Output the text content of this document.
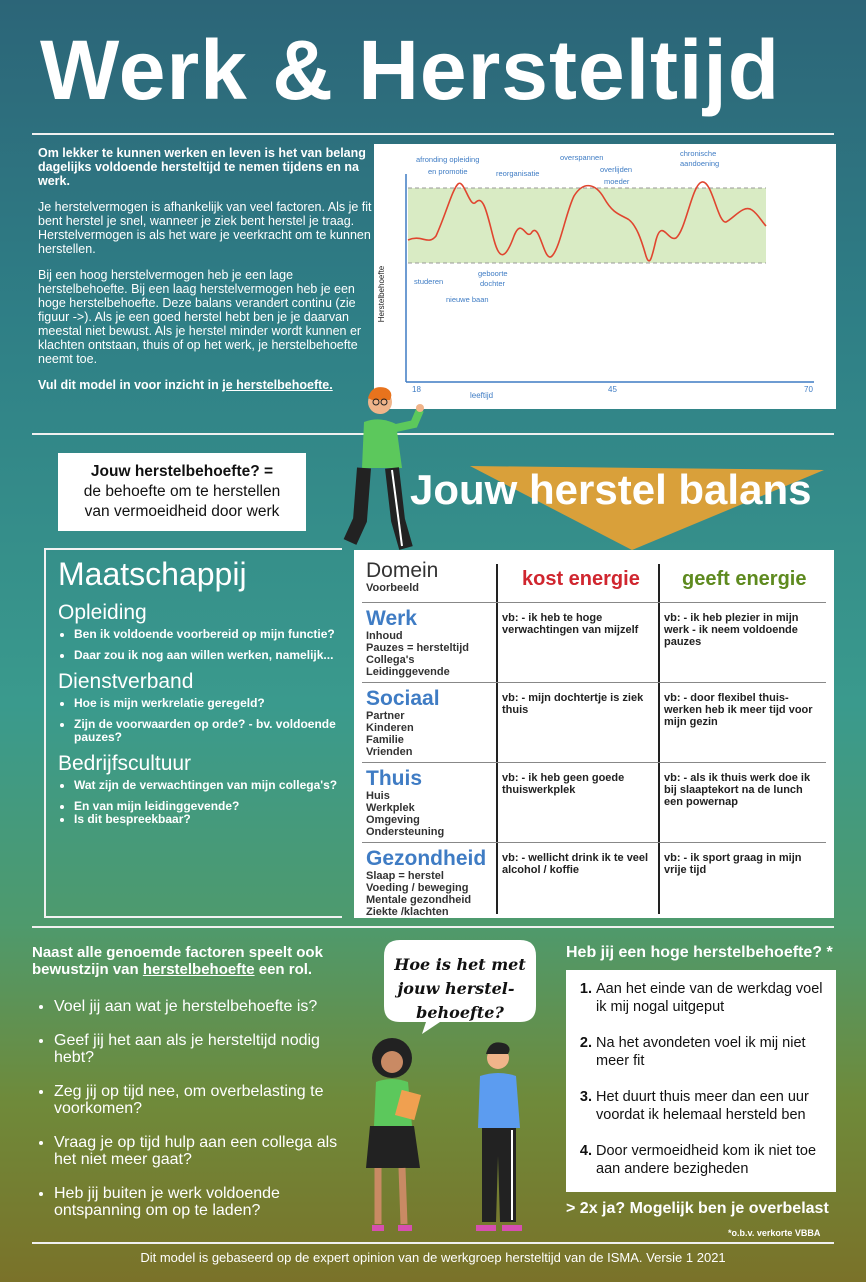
Werk & Hersteltijd

Om lekker te kunnen werken en leven is het van belang dagelijks voldoende hersteltijd te nemen tijdens en na werk.

Je herstelvermogen is afhankelijk van veel factoren. Als je fit bent herstel je snel, wanneer je ziek bent herstel je traag. Herstelvermogen is als het ware je veerkracht om te kunnen herstellen.

Bij een hoog herstelvermogen heb je een lage herstelbehoefte. Bij een laag herstelvermogen heb je een hoge herstelbehoefte. Deze balans verandert continu (zie figuur ->). Als je een goed herstel hebt ben je je daarvan meestal niet bewust. Als je herstel minder wordt kunnen er klachten ontstaan, thuis of op het werk, je herstelbehoefte neemt toe.

Vul dit model in voor inzicht in je herstelbehoefte.

Herstelbehoefte
leeftijd
18	45	70
afronding opleiding
en promotie	reorganisatie
overspannen
overlijden
moeder
chronische
aandoening
studeren
geboorte
dochter
nieuwe baan
Jouw herstelbehoefte? =
de behoefte om te herstellen
van vermoeidheid door werk	Jouw herstel balans
Maatschappij
Opleiding
• Ben ik voldoende voorbereid op mijn functie?
• Daar zou ik nog aan willen werken, namelijk...
Dienstverband
• Hoe is mijn werkrelatie geregeld?
• Zijn de voorwaarden op orde? - bv. voldoende pauzes?
Bedrijfscultuur
• Wat zijn de verwachtingen van mijn collega's?
• En van mijn leidinggevende?
• Is dit bespreekbaar?
Domein
Voorbeeld	kost energie geeft energie
Werk
Inhoud
Pauzes = hersteltijd
Collega's
Leidinggevende
vb: - ik heb te hoge verwachtingen van mijzelf
vb: - ik heb plezier in mijn werk - ik neem voldoende pauzes
Sociaal
Partner
Kinderen
Familie
Vrienden
vb: - mijn dochtertje is ziek thuis
vb: - door flexibel thuis-werken heb ik meer tijd voor mijn gezin
Thuis
Huis
Werkplek
Omgeving
Ondersteuning
vb: - ik heb geen goede thuiswerkplek
vb: - als ik thuis werk doe ik bij slaaptekort na de lunch een powernap
Gezondheid
Slaap = herstel
Voeding / beweging
Mentale gezondheid
Ziekte /klachten
vb: - wellicht drink ik te veel alcohol / koffie
vb: - ik sport graag in mijn vrije tijd
Naast alle genoemde factoren speelt ook bewustzijn van herstelbehoefte een rol.
• Voel jij aan wat je herstelbehoefte is?
• Geef jij het aan als je hersteltijd nodig hebt?
• Zeg jij op tijd nee, om overbelasting te voorkomen?
• Vraag je op tijd hulp aan een collega als het niet meer gaat?
• Heb jij buiten je werk voldoende ontspanning om op te laden?
Hoe is het met
jouw herstel-
behoefte?
Heb jij een hoge herstelbehoefte? *
1. Aan het einde van de werkdag voel ik mij nogal uitgeput
2. Na het avondeten voel ik mij niet meer fit
3. Het duurt thuis meer dan een uur voordat ik helemaal hersteld ben
4. Door vermoeidheid kom ik niet toe aan andere bezigheden
> 2x ja? Mogelijk ben je overbelast
*o.b.v. verkorte VBBA
Dit model is gebaseerd op de expert opinion van de werkgroep hersteltijd van de ISMA. Versie 1 2021
